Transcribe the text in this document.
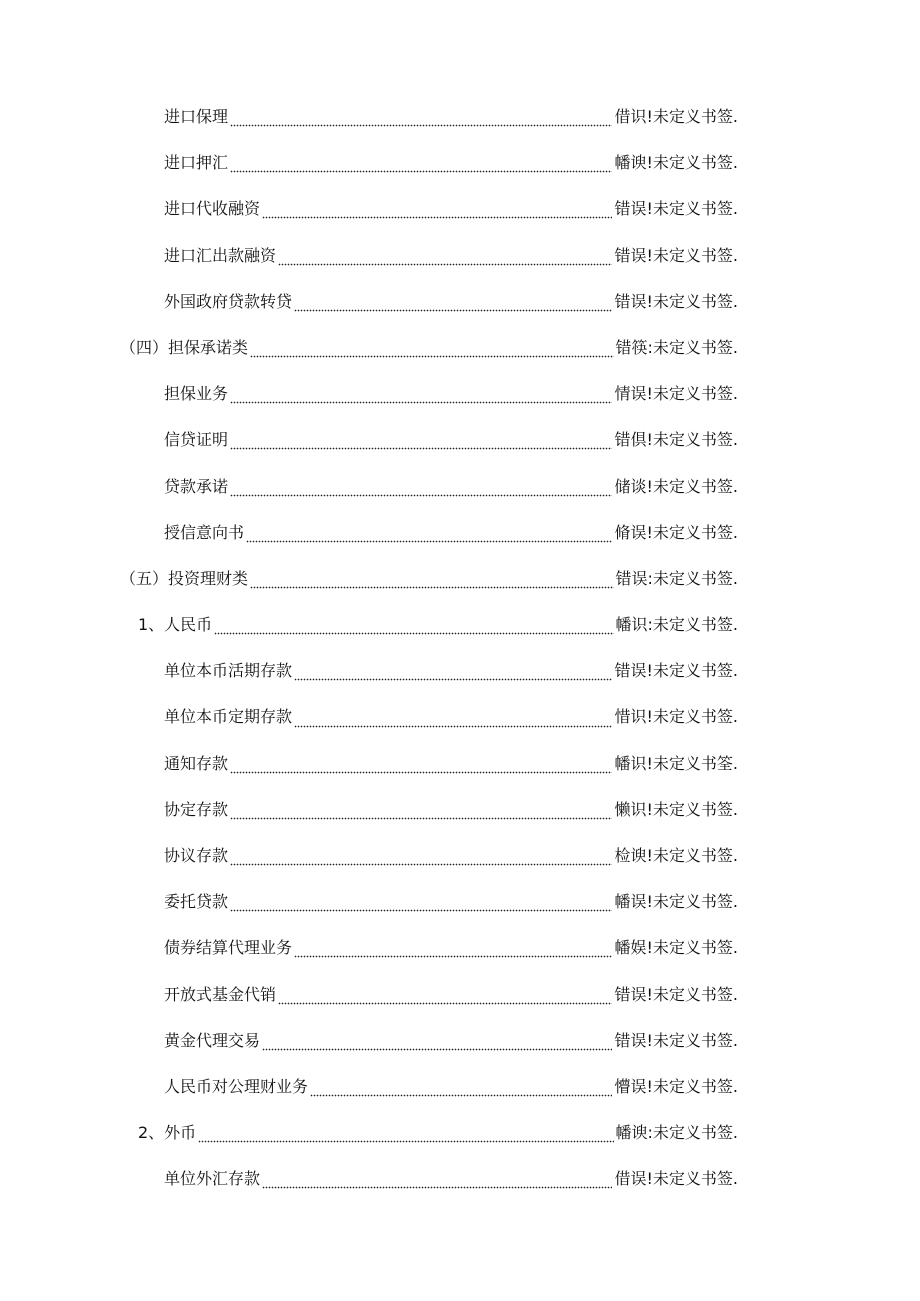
进口保理	借识!未定义书签.
进口押汇	幡谀!未定义书签.
进口代收融资	错误!未定义书签.
进口汇出款融资	错误!未定义书签.
外国政府贷款转贷	错误!未定义书签.
（四）担保承诺类	错筷:未定义书签.
担保业务	情误!未定义书签.
信贷证明	错倶!未定义书签.
贷款承诺	储谈!未定义书签.
授信意向书	脩误!未定义书签.
（五）投资理财类	错误:未定义书签.
1、人民币	幡识:未定义书签.
单位本币活期存款	错误!未定义书签.
单位本币定期存款	惜识!未定义书签.
通知存款	幡识!未定义书筌.
协定存款	懒识!未定义书签.
协议存款	检谀!未定义书签.
委托贷款	幡误!未定义书签.
债券结算代理业务	幡娱!未定义书签.
开放式基金代销	错误!未定义书签.
黄金代理交易	错误!未定义书签.
人民币对公理财业务	懵误!未定义书签.
2、外币	幡谀:未定义书签.
单位外汇存款	借误!未定义书签.
